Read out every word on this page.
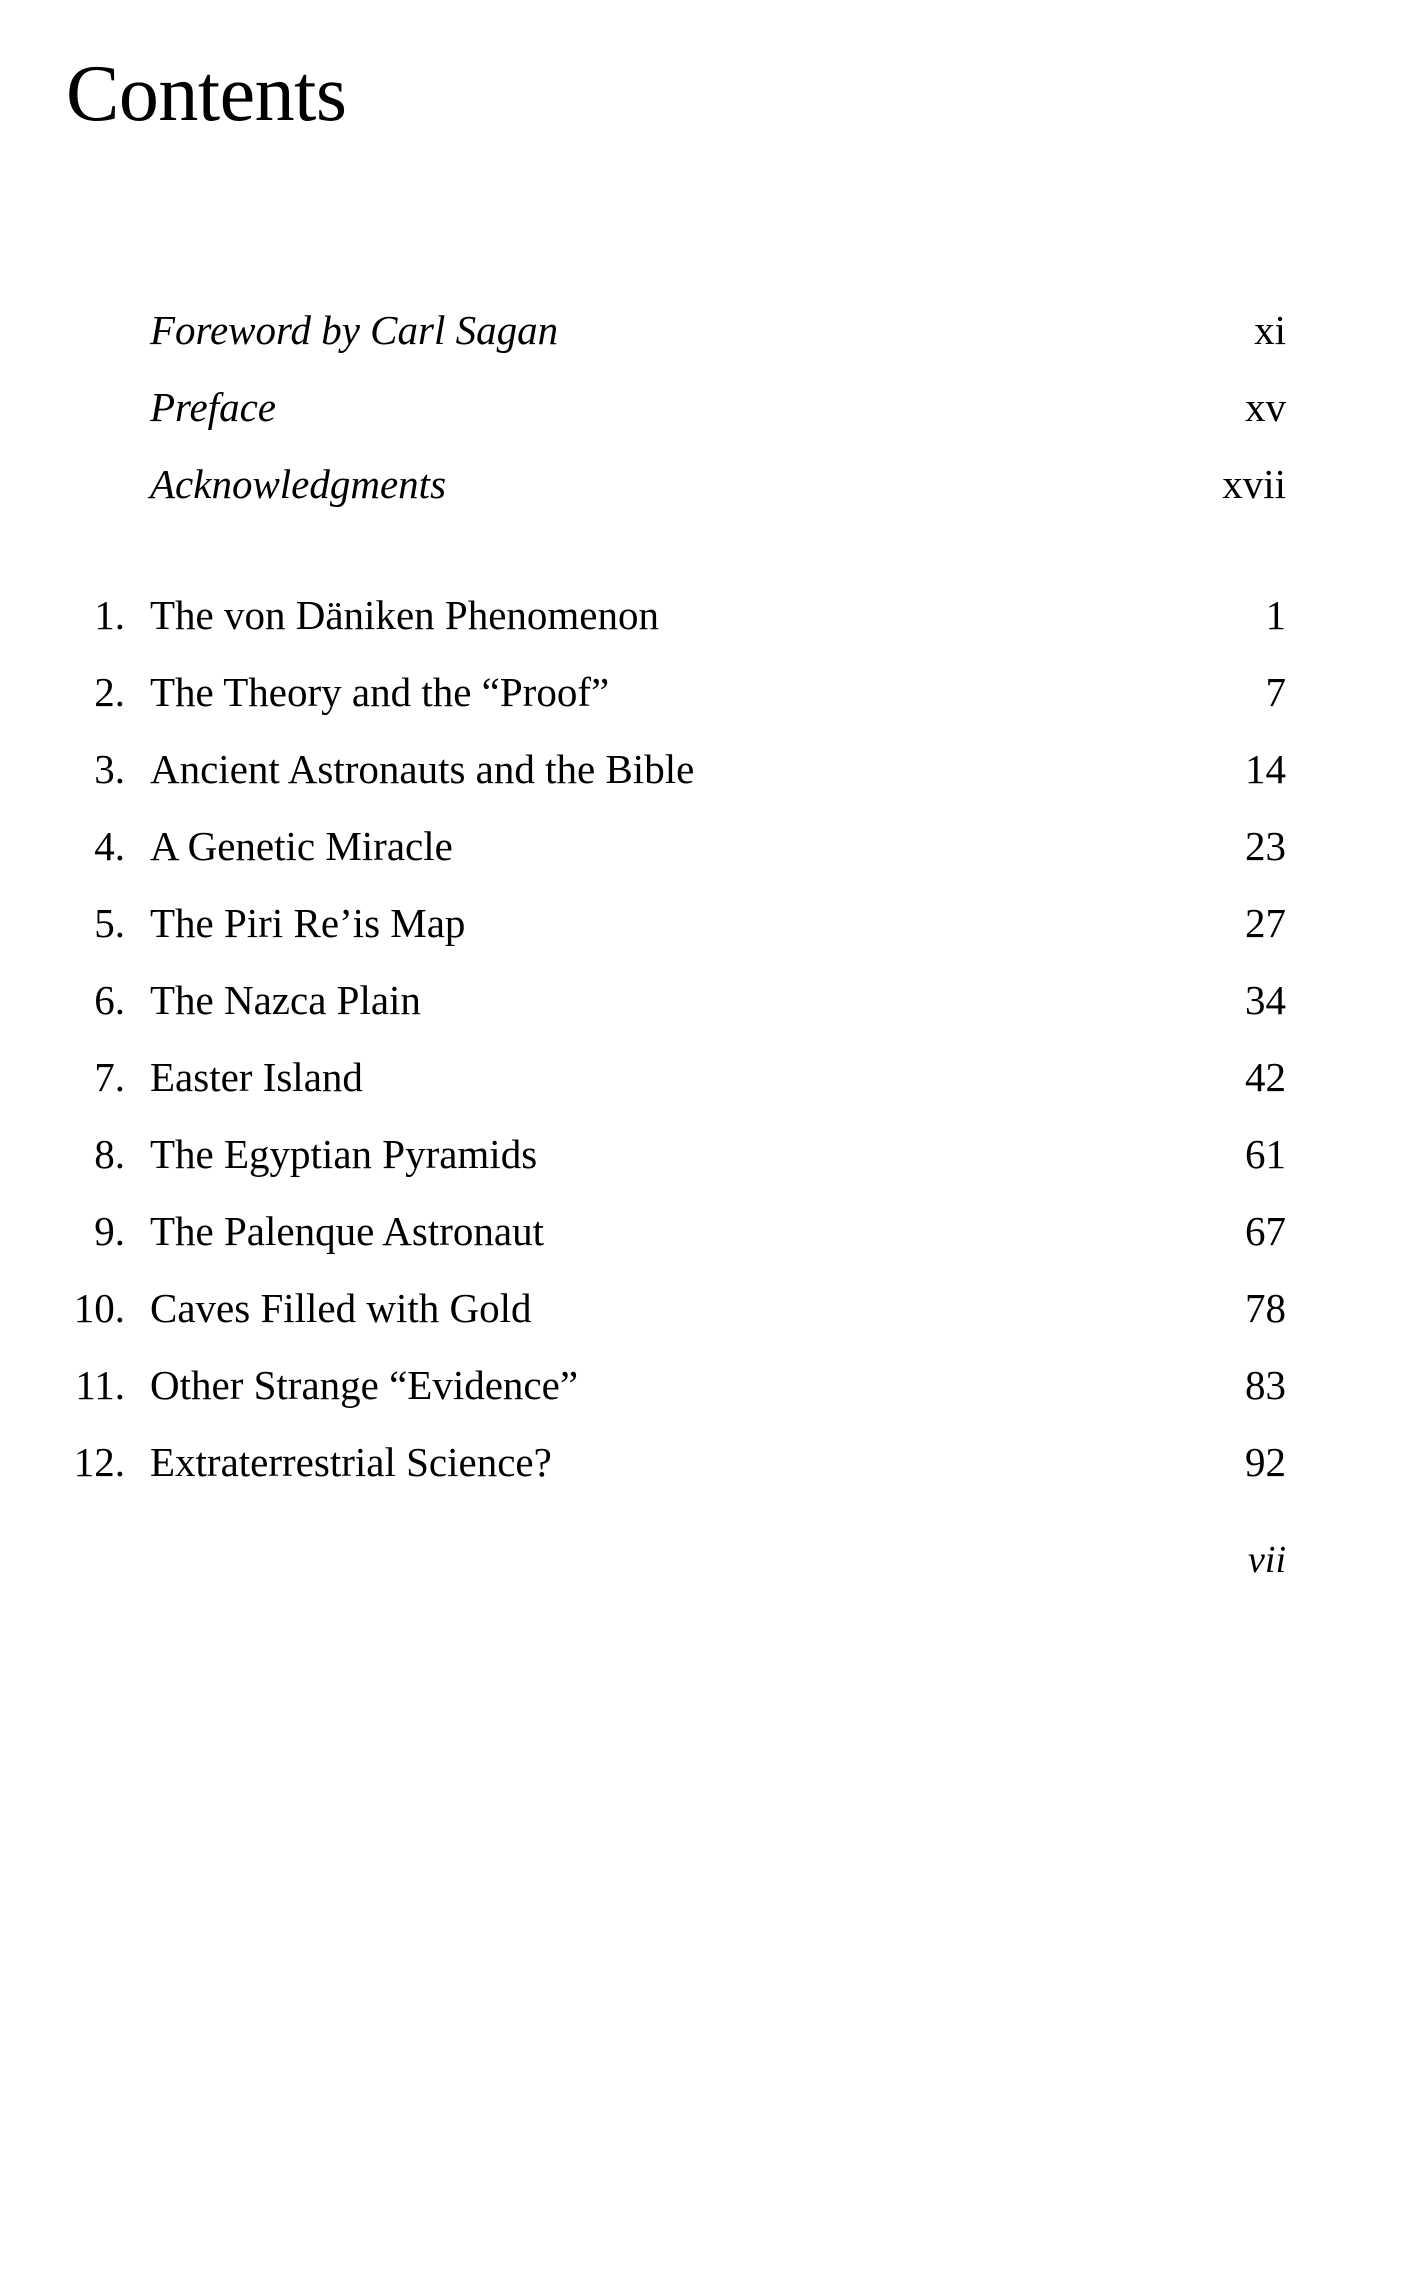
Contents
Foreword by Carl Sagan	xi
Preface	xv
Acknowledgments	xvii
1. The von Däniken Phenomenon	1
2. The Theory and the “Proof”	7
3. Ancient Astronauts and the Bible	14
4. A Genetic Miracle	23
5. The Piri Re’is Map	27
6. The Nazca Plain	34
7. Easter Island	42
8. The Egyptian Pyramids	61
9. The Palenque Astronaut	67
10. Caves Filled with Gold	78
11. Other Strange “Evidence”	83
12. Extraterrestrial Science?	92
vii
